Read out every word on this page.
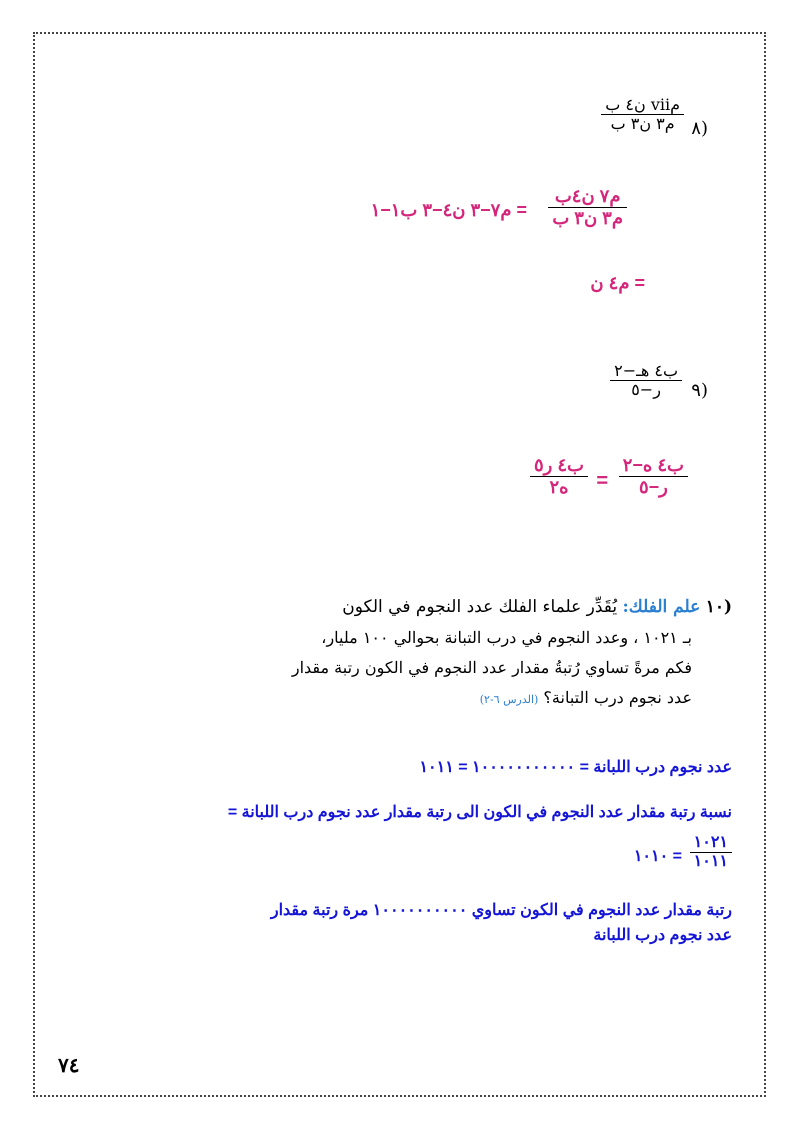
(٨
مⅶ ن٤ ب
م٣ ن٣ ب
م٧ ن٤ب
م٣ ن٣ ب
= م٧−٣ ن٤−٣ ب١−١
= م٤ ن
(٩
ب٤ هـ−٢
ر−٥
ب٤ ه−٢
ر−٥
=
ب٤ ر٥
ه٢
(١٠ علم الفلك: يُقَدِّر علماء الفلك عدد النجوم في الكون
بـ ١٠٢١ ، وعدد النجوم في درب التبانة بحوالي ١٠٠ مليار،
فكم مرةً تساوي رُتبةُ مقدار عدد النجوم في الكون رتبة مقدار
عدد نجوم درب التبانة؟ (الدرس ٦-٢)
عدد نجوم درب اللبانة = ١٠٠٠٠٠٠٠٠٠٠٠ = ١٠١١
نسبة رتبة مقدار عدد النجوم في الكون الى رتبة مقدار عدد نجوم درب اللبانة =
١٠٢١
١٠١١
= ١٠١٠
رتبة مقدار عدد النجوم في الكون تساوي ١٠٠٠٠٠٠٠٠٠٠ مرة رتبة مقدار
عدد نجوم درب اللبانة
٧٤
